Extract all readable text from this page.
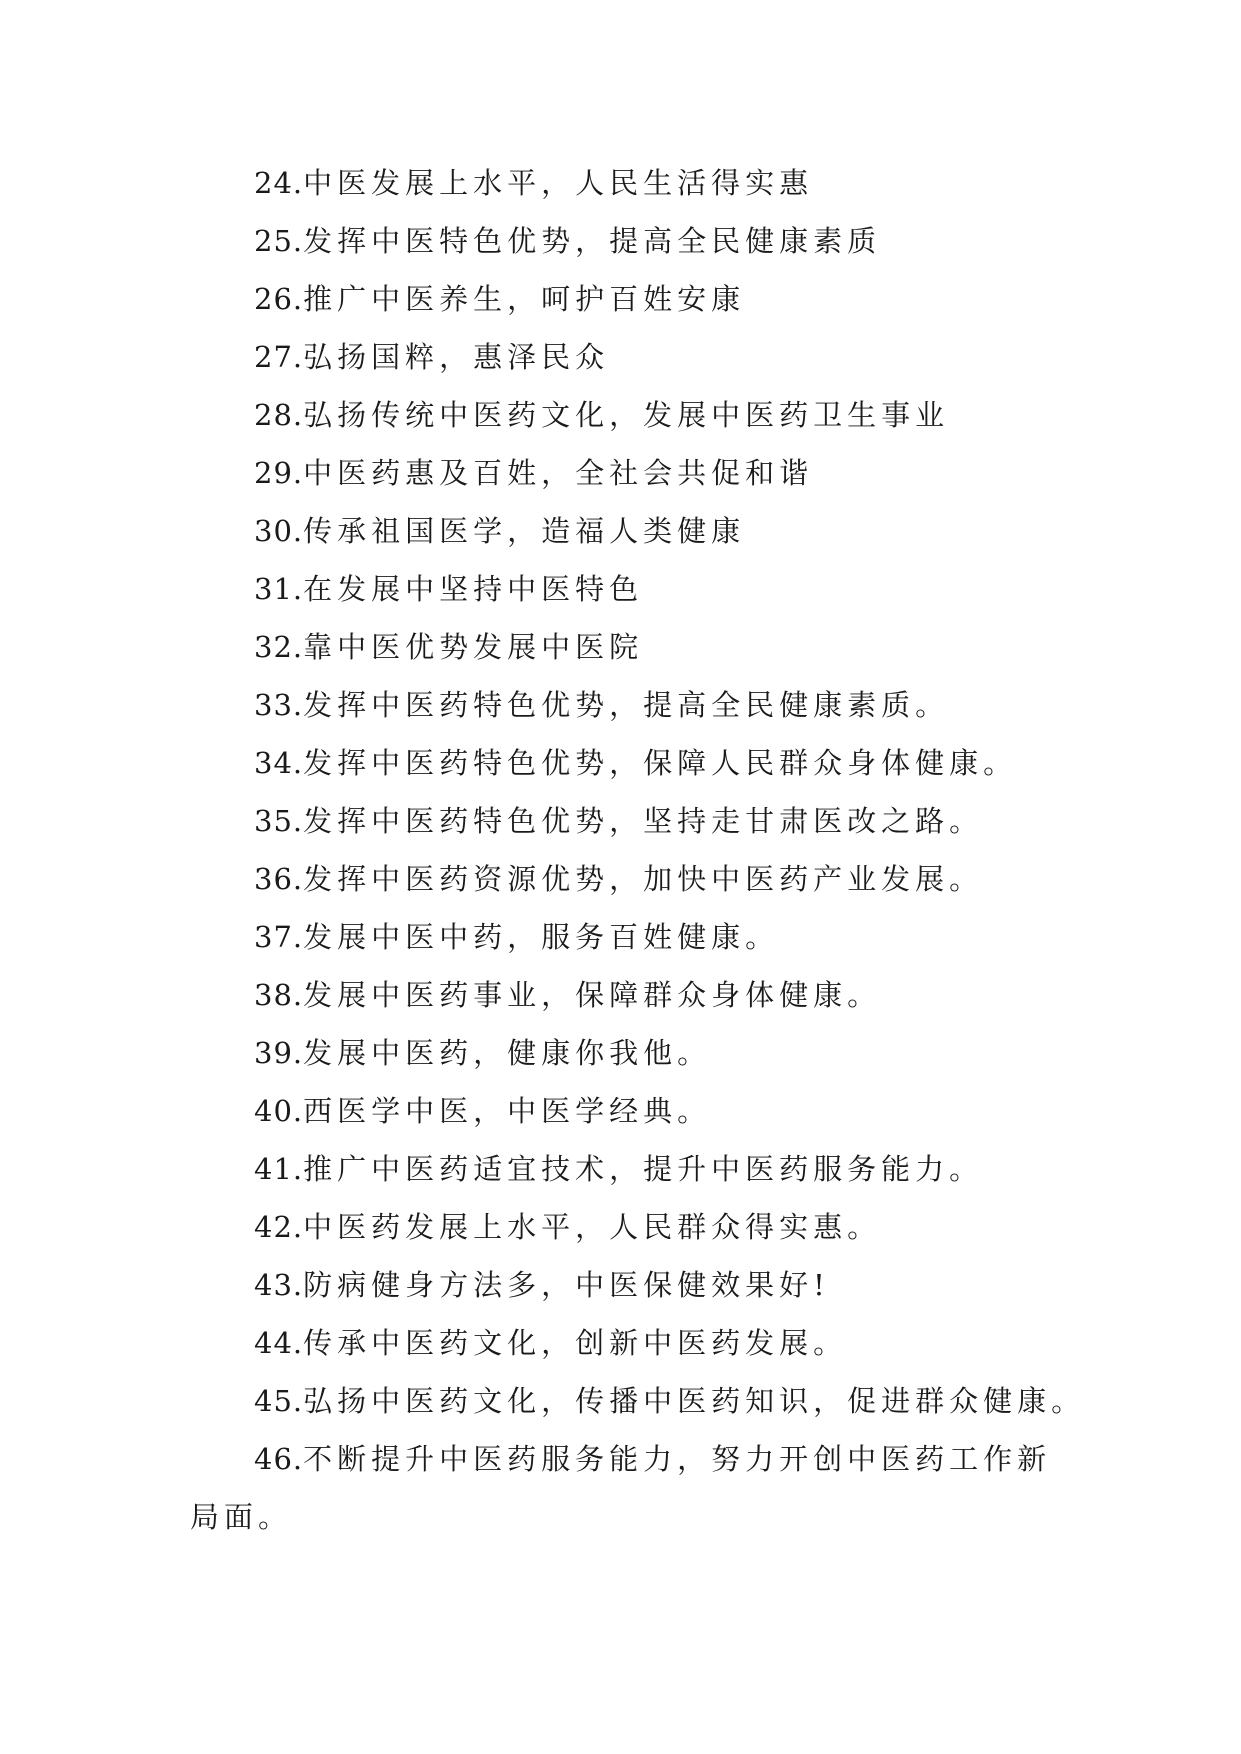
24.中医发展上水平，人民生活得实惠
25.发挥中医特色优势，提高全民健康素质
26.推广中医养生，呵护百姓安康
27.弘扬国粹，惠泽民众
28.弘扬传统中医药文化，发展中医药卫生事业
29.中医药惠及百姓，全社会共促和谐
30.传承祖国医学，造福人类健康
31.在发展中坚持中医特色
32.靠中医优势发展中医院
33.发挥中医药特色优势，提高全民健康素质。
34.发挥中医药特色优势，保障人民群众身体健康。
35.发挥中医药特色优势，坚持走甘肃医改之路。
36.发挥中医药资源优势，加快中医药产业发展。
37.发展中医中药，服务百姓健康。
38.发展中医药事业，保障群众身体健康。
39.发展中医药，健康你我他。
40.西医学中医，中医学经典。
41.推广中医药适宜技术，提升中医药服务能力。
42.中医药发展上水平，人民群众得实惠。
43.防病健身方法多，中医保健效果好!
44.传承中医药文化，创新中医药发展。
45.弘扬中医药文化，传播中医药知识，促进群众健康。
46.不断提升中医药服务能力，努力开创中医药工作新局面。
